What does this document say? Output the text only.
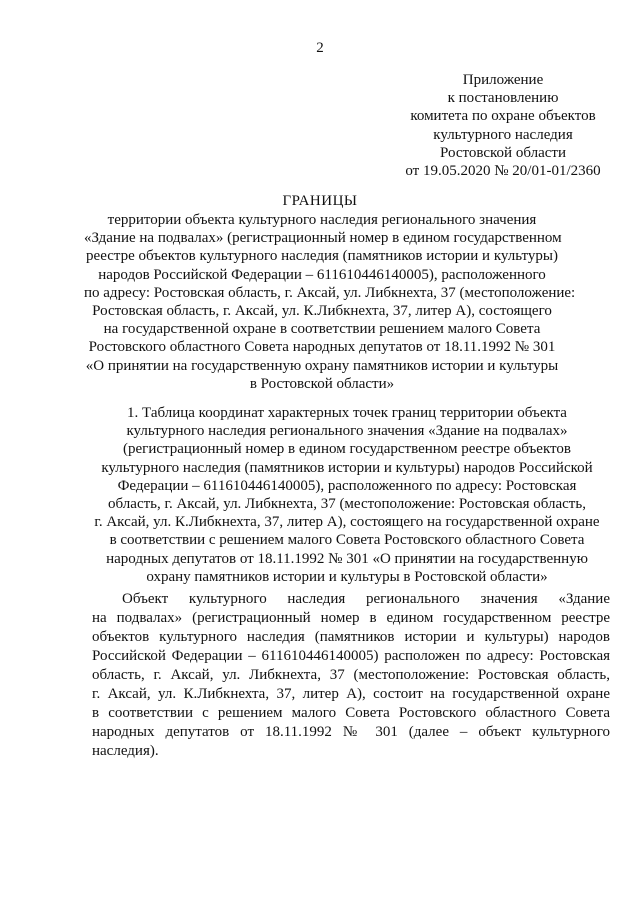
2
Приложение
к постановлению
комитета по охране объектов
культурного наследия
Ростовской области
от 19.05.2020 № 20/01-01/2360
ГРАНИЦЫ
территории объекта культурного наследия регионального значения
«Здание на подвалах» (регистрационный номер в едином государственном
реестре объектов культурного наследия (памятников истории и культуры)
народов Российской Федерации – 611610446140005), расположенного
по адресу: Ростовская область, г. Аксай, ул. Либкнехта, 37 (местоположение:
Ростовская область, г. Аксай, ул. К.Либкнехта, 37, литер А), состоящего
на государственной охране в соответствии решением малого Совета
Ростовского областного Совета народных депутатов от 18.11.1992 № 301
«О принятии на государственную охрану памятников истории и культуры
в Ростовской области»
1. Таблица координат характерных точек границ территории объекта
культурного наследия регионального значения «Здание на подвалах»
(регистрационный номер в едином государственном реестре объектов
культурного наследия (памятников истории и культуры) народов Российской
Федерации – 611610446140005), расположенного по адресу: Ростовская
область, г. Аксай, ул. Либкнехта, 37 (местоположение: Ростовская область,
г. Аксай, ул. К.Либкнехта, 37, литер А), состоящего на государственной охране
в соответствии с решением малого Совета Ростовского областного Совета
народных депутатов от 18.11.1992 № 301 «О принятии на государственную
охрану памятников истории и культуры в Ростовской области»
Объект культурного наследия регионального значения «Здание
на подвалах» (регистрационный номер в едином государственном реестре
объектов культурного наследия (памятников истории и культуры) народов
Российской Федерации – 611610446140005) расположен по адресу: Ростовская
область, г. Аксай, ул. Либкнехта, 37 (местоположение: Ростовская область,
г. Аксай, ул. К.Либкнехта, 37, литер А), состоит на государственной охране
в соответствии с решением малого Совета Ростовского областного Совета
народных депутатов от 18.11.1992 № 301 (далее – объект культурного
наследия).
